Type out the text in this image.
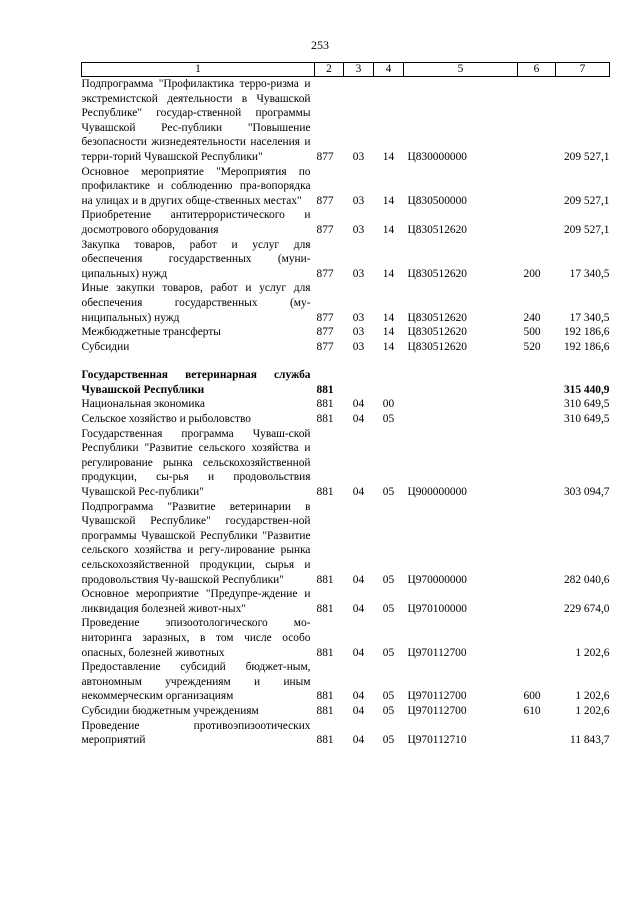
253
1	2	3	4	5	6	7
Подпрограмма "Профилактика терро-ризма и экстремистской деятельности в Чувашской Республике" государ-ственной программы Чувашской Рес-публики "Повышение безопасности жизнедеятельности населения и терри-торий Чувашской Республики"	877	03	14	Ц830000000		209 527,1
Основное мероприятие "Мероприятия по профилактике и соблюдению пра-вопорядка на улицах и в других обще-ственных местах"	877	03	14	Ц830500000		209 527,1
Приобретение антитеррористического и досмотрового оборудования	877	03	14	Ц830512620		209 527,1
Закупка товаров, работ и услуг для обеспечения государственных (муни-ципальных) нужд	877	03	14	Ц830512620	200	17 340,5
Иные закупки товаров, работ и услуг для обеспечения государственных (му-ниципальных) нужд	877	03	14	Ц830512620	240	17 340,5
Межбюджетные трансферты	877	03	14	Ц830512620	500	192 186,6
Субсидии	877	03	14	Ц830512620	520	192 186,6

Государственная ветеринарная служба Чувашской Республики	881					315 440,9
Национальная экономика	881	04	00			310 649,5
Сельское хозяйство и рыболовство	881	04	05			310 649,5
Государственная программа Чуваш-ской Республики "Развитие сельского хозяйства и регулирование рынка сельскохозяйственной продукции, сы-рья и продовольствия Чувашской Рес-публики"	881	04	05	Ц900000000		303 094,7
Подпрограмма "Развитие ветеринарии в Чувашской Республике" государствен-ной программы Чувашской Республики "Развитие сельского хозяйства и регу-лирование рынка сельскохозяйственной продукции, сырья и продовольствия Чу-вашской Республики"	881	04	05	Ц970000000		282 040,6
Основное мероприятие "Предупре-ждение и ликвидация болезней живот-ных"	881	04	05	Ц970100000		229 674,0
Проведение эпизоотологического мо-ниторинга заразных, в том числе особо опасных, болезней животных	881	04	05	Ц970112700		1 202,6
Предоставление субсидий бюджет-ным, автономным учреждениям и иным некоммерческим организациям	881	04	05	Ц970112700	600	1 202,6
Субсидии бюджетным учреждениям	881	04	05	Ц970112700	610	1 202,6
Проведение противоэпизоотических мероприятий	881	04	05	Ц970112710		11 843,7
